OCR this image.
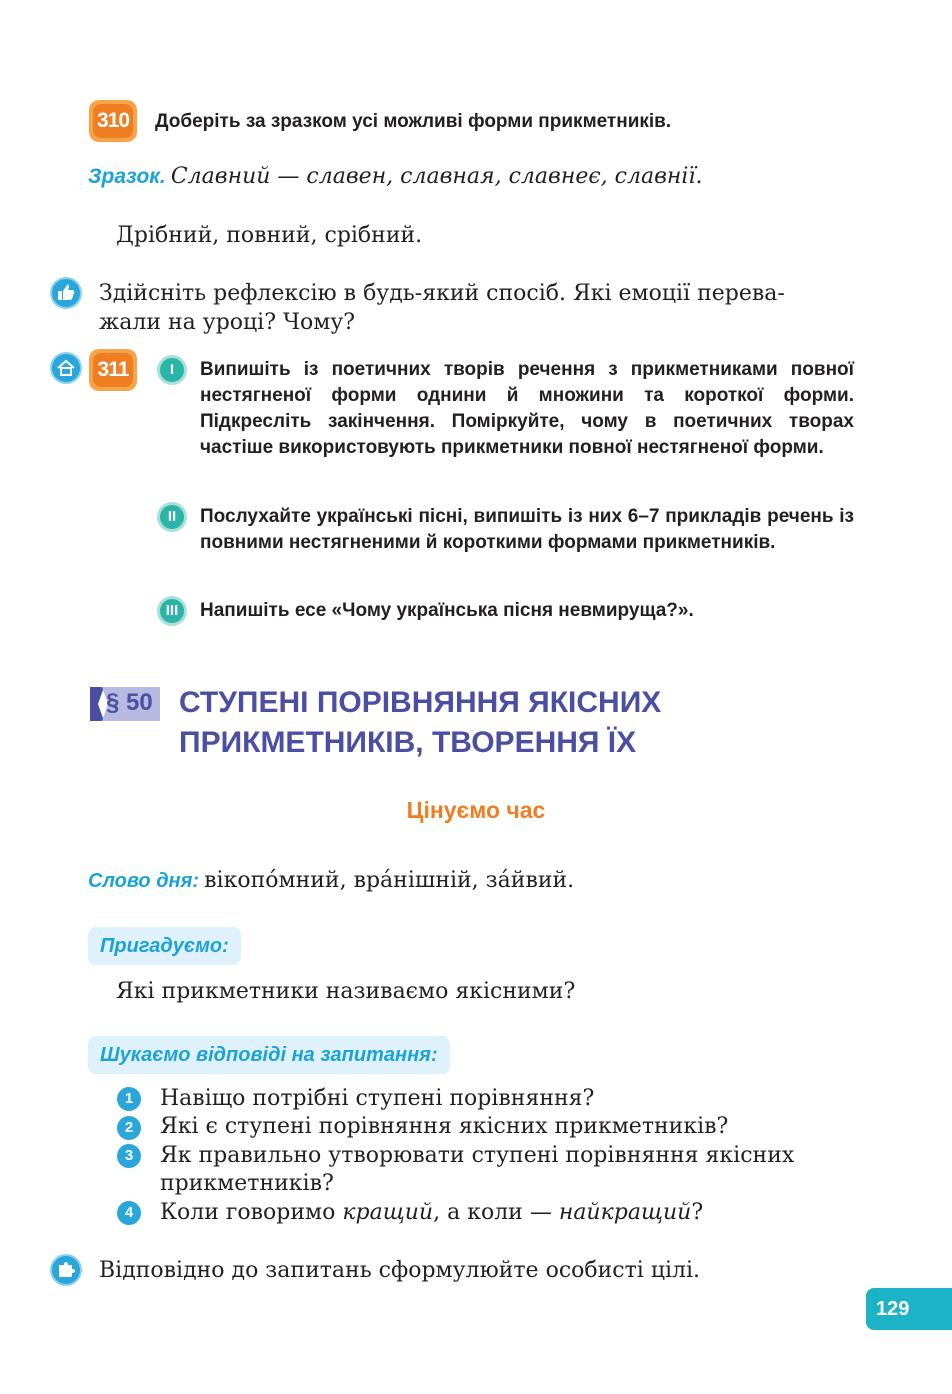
310 Доберіть за зразком усі можливі форми прикметників.
Зразок. Славний — славен, славная, славнеє, славнії.
Дрібний, повний, срібний.
Здійсніть рефлексію в будь-який спосіб. Які емоції перева-
жали на уроці? Чому?
311	I	Випишіть із поетичних творів речення з прикметниками повної нестягненої форми однини й множини та короткої форми. Підкресліть закінчення. Поміркуйте, чому в поетичних творах частіше використовують прикметники повної нестягненої форми.
II	Послухайте українські пісні, випишіть із них 6–7 прикладів речень із повними нестягненими й короткими формами прикметників.
III	Напишіть есе «Чому українська пісня невмируща?».
§ 50 СТУПЕНІ ПОРІВНЯННЯ ЯКІСНИХ
ПРИКМЕТНИКІВ, ТВОРЕННЯ ЇХ
Цінуємо час
Слово дня: вікопо́мний, вра́нішній, за́йвий.
Пригадуємо:
Які прикметники називаємо якісними?
Шукаємо відповіді на запитання:
1	Навіщо потрібні ступені порівняння?
2	Які є ступені порівняння якісних прикметників?
3	Як правильно утворювати ступені порівняння якісних
прикметників?
4	Коли говоримо кращий, а коли — найкращий?
Відповідно до запитань сформулюйте особисті цілі.
129
